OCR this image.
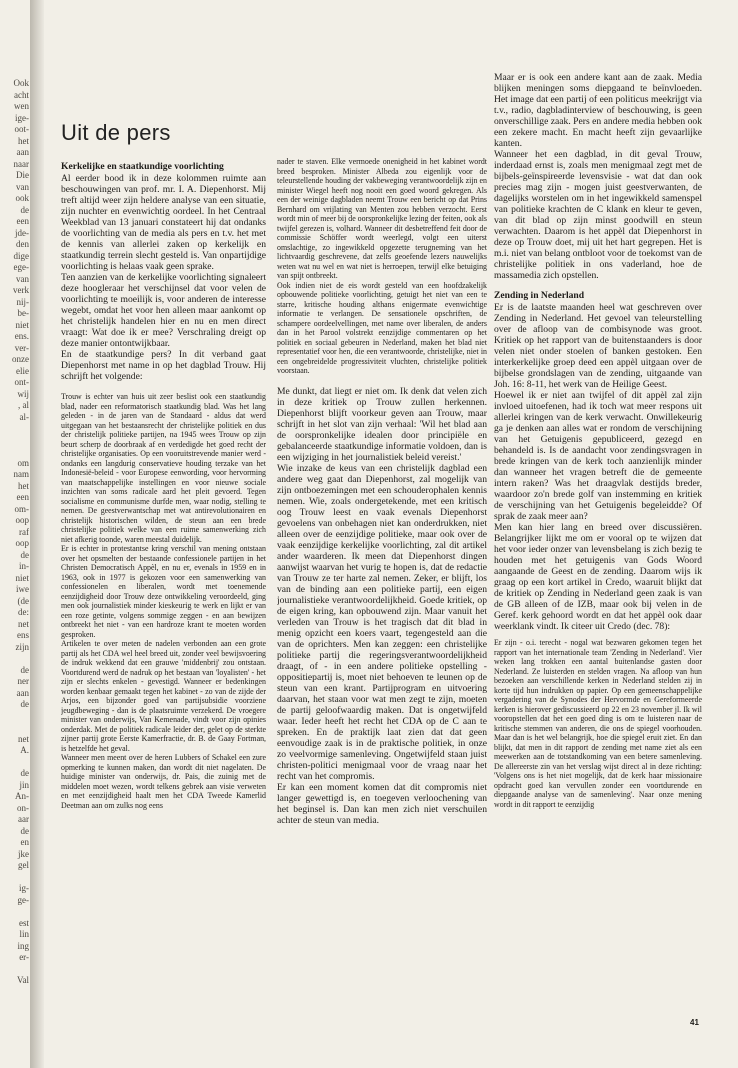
Ook
acht
wen
ige-
oot-
het
aan
naar
Die
van
ook
de
een
jde-
den
dige
ege-
van
verk
nij-
be-
niet
ens.
ver-
onze
elie
ont-
wij
, al
al-
om
nam
het
een
om-
oop
raf
oop
de
in-
niet
iwe
(de
de:
net
ens
zijn
de
ner
aan
de
net
A.
de
jin
An-
on-
aar
de
en
jke
gel
ig-
ge-
est
lin
ing
er-
Val
Uit de pers
Kerkelijke en staatkundige voorlichting

Al eerder bood ik in deze kolommen ruimte aan beschouwingen van prof. mr. I. A. Diepenhorst. Mij treft altijd weer zijn heldere analyse van een situatie, zijn nuchter en evenwichtig oordeel. In het Centraal Weekblad van 13 januari constateert hij dat ondanks de voorlichting van de media als pers en t.v. het met de kennis van allerlei zaken op kerkelijk en staatkundig terrein slecht gesteld is. Van onpartijdige voorlichting is helaas vaak geen sprake.

Ten aanzien van de kerkelijke voorlichting signaleert deze hoogleraar het verschijnsel dat voor velen de voorlichting te moeilijk is, voor anderen de interesse wegebt, omdat het voor hen alleen maar aankomt op het christelijk handelen hier en nu en men direct vraagt: Wat doe ik er mee? Verschraling dreigt op deze manier ontontwijkbaar.

En de staatkundige pers? In dit verband gaat Diepenhorst met name in op het dagblad Trouw. Hij schrijft het volgende:

Trouw is echter van huis uit zeer beslist ook een staatkundig blad, nader een reformatorisch staatkundig blad. Was het lang geleden - in de jaren van de Standaard - aldus dat werd uitgegaan van het bestaansrecht der christelijke politiek en dus der christelijk politieke partijen, na 1945 wees Trouw op zijn beurt scherp de doorbraak af en verdedigde het goed recht der christelijke organisaties. Op een vooruitstrevende manier werd - ondanks een langdurig conservatieve houding terzake van het Indonesië-beleid - voor Europese eenwording, voor hervorming van maatschappelijke instellingen en voor nieuwe sociale inzichten van soms radicale aard het pleit gevoerd. Tegen socialisme en communisme durfde men, waar nodig, stelling te nemen. De geestverwantschap met wat antirevolutionairen en christelijk historischen wilden, de steun aan een brede christelijke politiek welke van een ruime samenwerking zich niet afkerig toonde, waren meestal duidelijk.

Er is echter in protestantse kring verschil van mening ontstaan over het opsmelten der bestaande confessionele partijen in het Christen Democratisch Appèl, en nu er, evenals in 1959 en in 1963, ook in 1977 is gekozen voor een samenwerking van confessionelen en liberalen, wordt met toenemende eenzijdigheid door Trouw deze ontwikkeling veroordeeld, ging men ook journalistiek minder kieskeurig te werk en lijkt er van een roze getinte, volgens sommige zeggen - en aan bewijzen ontbreekt het niet - van een hardroze krant te moeten worden gesproken.

Artikelen te over meten de nadelen verbonden aan een grote partij als het CDA wel heel breed uit, zonder veel bewijsvoering de indruk wekkend dat een grauwe 'middenbrij' zou ontstaan. Voortdurend werd de nadruk op het bestaan van 'loyalisten' - het zijn er slechts enkelen - gevestigd. Wanneer er bedenkingen worden kenbaar gemaakt tegen het kabinet - zo van de zijde der Arjos, een bijzonder goed van partijsubsidie voorziene jeugdbeweging - dan is de plaatsruimte verzekerd. De vroegere minister van onderwijs, Van Kemenade, vindt voor zijn opinies onderdak. Met de politiek radicale leider der, gelet op de sterkte zijner partij grote Eerste Kamerfractie, dr. B. de Gaay Fortman, is hetzelfde het geval.

Wanneer men meent over de heren Lubbers of Schakel een zure opmerking te kunnen maken, dan wordt dit niet nagelaten. De huidige minister van onderwijs, dr. Pais, die zuinig met de middelen moet wezen, wordt telkens gebrek aan visie verweten en met eenzijdigheid haalt men het CDA Tweede Kamerlid Deetman aan om zulks nog eens

nader te staven. Elke vermoede onenigheid in het kabinet wordt breed besproken. Minister Albeda zou eigenlijk voor de teleurstellende houding der vakbeweging verantwoordelijk zijn en minister Wiegel heeft nog nooit een goed woord gekregen. Als een der weinige dagbladen neemt Trouw een bericht op dat Prins Bernhard om vrijlating van Menten zou hebben verzocht. Eerst wordt min of meer bij de oorspronkelijke lezing der feiten, ook als twijfel gerezen is, volhard. Wanneer dit desbetreffend feit door de commissie Schöffer wordt weerlegd, volgt een uiterst omslachtige, zo ingewikkeld opgezette terugneming van het lichtvaardig geschrevene, dat zelfs geoefende lezers nauwelijks weten wat nu wel en wat niet is herroepen, terwijl elke betuiging van spijt ontbreekt.

Ook indien niet de eis wordt gesteld van een hoofdzakelijk opbouwende politieke voorlichting, getuigt het niet van een te starre, kritische houding althans enigermate evenwichtige informatie te verlangen. De sensationele opschriften, de schampere oordeelvellingen, met name over liberalen, de anders dan in het Parool volstrekt eenzijdige commentaren op het politiek en sociaal gebeuren in Nederland, maken het blad niet representatief voor hen, die een verantwoorde, christelijke, niet in een ongebreidelde progressiviteit vluchten, christelijke politiek voorstaan.

Me dunkt, dat liegt er niet om. Ik denk dat velen zich in deze kritiek op Trouw zullen herkennen. Diepenhorst blijft voorkeur geven aan Trouw, maar schrijft in het slot van zijn verhaal: 'Wil het blad aan de oorspronkelijke idealen door principiële en gebalanceerde staatkundige informatie voldoen, dan is een wijziging in het journalistiek beleid vereist.'

Wie inzake de keus van een christelijk dagblad een andere weg gaat dan Diepenhorst, zal mogelijk van zijn ontboezemingen met een schouderophalen kennis nemen. Wie, zoals ondergetekende, met een kritisch oog Trouw leest en vaak evenals Diepenhorst gevoelens van onbehagen niet kan onderdrukken, niet alleen over de eenzijdige politieke, maar ook over de vaak eenzijdige kerkelijke voorlichting, zal dit artikel ander waarderen. Ik meen dat Diepenhorst dingen aanwijst waarvan het vurig te hopen is, dat de redactie van Trouw ze ter harte zal nemen. Zeker, er blijft, los van de binding aan een politieke partij, een eigen journalistieke verantwoordelijkheid. Goede kritiek, op de eigen kring, kan opbouwend zijn. Maar vanuit het verleden van Trouw is het tragisch dat dit blad in menig opzicht een koers vaart, tegengesteld aan die van de oprichters. Men kan zeggen: een christelijke politieke partij die regeringsverantwoordelijkheid draagt, of - in een andere politieke opstelling - oppositiepartij is, moet niet behoeven te leunen op de steun van een krant. Partijprogram en uitvoering daarvan, het staan voor wat men zegt te zijn, moeten de partij geloofwaardig maken. Dat is ongetwijfeld waar. Ieder heeft het recht het CDA op de C aan te spreken. En de praktijk laat zien dat dat geen eenvoudige zaak is in de praktische politiek, in onze zo veelvormige samenleving. Ongetwijfeld staan juist christen-politici menigmaal voor de vraag naar het recht van het compromis.

Er kan een moment komen dat dit compromis niet langer gewettigd is, en toegeven verloochening van het beginsel is. Dan kan men zich niet verschuilen achter de steun van media.

Maar er is ook een andere kant aan de zaak. Media blijken meningen soms diepgaand te beïnvloeden. Het image dat een partij of een politicus meekrijgt via t.v., radio, dagbladinterview of beschouwing, is geen onverschillige zaak. Pers en andere media hebben ook een zekere macht. En macht heeft zijn gevaarlijke kanten.

Wanneer het een dagblad, in dit geval Trouw, inderdaad ernst is, zoals men menigmaal zegt met de bijbels-geïnspireerde levensvisie - wat dat dan ook precies mag zijn - mogen juist geestverwanten, de dagelijks worstelen om in het ingewikkeld samenspel van politieke krachten de C klank en kleur te geven, van dit blad op zijn minst goodwill en steun verwachten. Daarom is het appèl dat Diepenhorst in deze op Trouw doet, mij uit het hart gegrepen. Het is m.i. niet van belang ontbloot voor de toekomst van de christelijke politiek in ons vaderland, hoe de massamedia zich opstellen.

Zending in Nederland

Er is de laatste maanden heel wat geschreven over Zending in Nederland. Het gevoel van teleurstelling over de afloop van de combisynode was groot. Kritiek op het rapport van de buitenstaanders is door velen niet onder stoelen of banken gestoken. Een interkerkelijke groep deed een appèl uitgaan over de bijbelse grondslagen van de zending, uitgaande van Joh. 16: 8-11, het werk van de Heilige Geest.

Hoewel ik er niet aan twijfel of dit appèl zal zijn invloed uitoefenen, had ik toch wat meer respons uit allerlei kringen van de kerk verwacht. Onwillekeurig ga je denken aan alles wat er rondom de verschijning van het Getuigenis gepubliceerd, gezegd en behandeld is. Is de aandacht voor zendingsvragen in brede kringen van de kerk toch aanzienlijk minder dan wanneer het vragen betreft die de gemeente intern raken? Was het draagvlak destijds breder, waardoor zo'n brede golf van instemming en kritiek de verschijning van het Getuigenis begeleidde? Of sprak de zaak meer aan?

Men kan hier lang en breed over discussiëren. Belangrijker lijkt me om er vooral op te wijzen dat het voor ieder onzer van levensbelang is zich bezig te houden met het getuigenis van Gods Woord aangaande de Geest en de zending. Daarom wijs ik graag op een kort artikel in Credo, waaruit blijkt dat de kritiek op Zending in Nederland geen zaak is van de GB alleen of de IZB, maar ook bij velen in de Geref. kerk gehoord wordt en dat het appèl ook daar weerklank vindt. Ik citeer uit Credo (dec. 78):

Er zijn - o.i. terecht - nogal wat bezwaren gekomen tegen het rapport van het internationale team 'Zending in Nederland'. Vier weken lang trokken een aantal buitenlandse gasten door Nederland. Ze luisterden en stelden vragen. Na afloop van hun bezoeken aan verschillende kerken in Nederland stelden zij in korte tijd hun indrukken op papier. Op een gemeenschappelijke vergadering van de Synodes der Hervormde en Gereformeerde kerken is hierover gediscussieerd op 22 en 23 november jl. Ik wil vooropstellen dat het een goed ding is om te luisteren naar de kritische stemmen van anderen, die ons de spiegel voorhouden. Maar dan is het wel belangrijk, hoe die spiegel eruit ziet. En dan blijkt, dat men in dit rapport de zending met name ziet als een meewerken aan de totstandkoming van een betere samenleving. De allereerste zin van het verslag wijst direct al in deze richting: 'Volgens ons is het niet mogelijk, dat de kerk haar missionaire opdracht goed kan vervullen zonder een voortdurende en diepgaande analyse van de samenleving'. Naar onze mening wordt in dit rapport te eenzijdig

41
